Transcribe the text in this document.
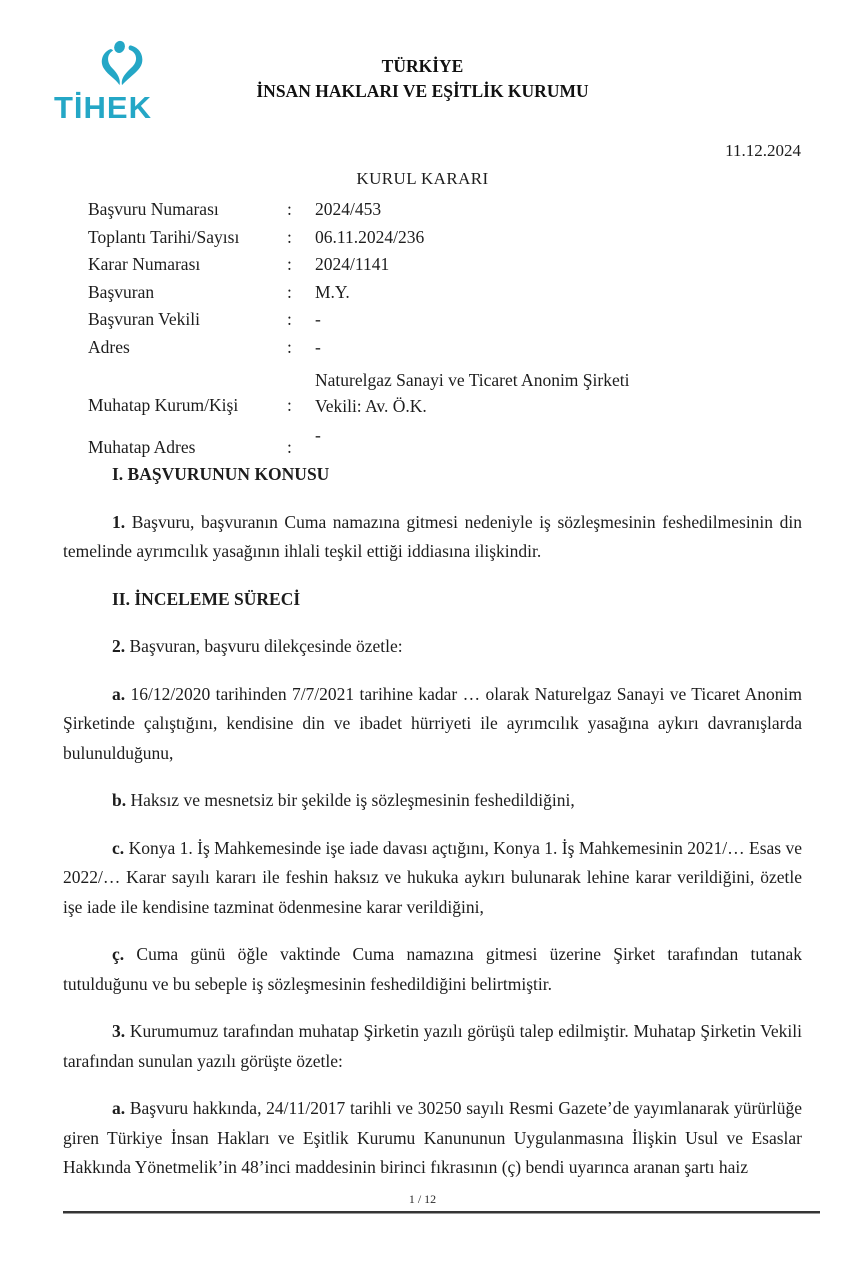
TİHEK
TÜRKİYE
İNSAN HAKLARI VE EŞİTLİK KURUMU
11.12.2024
KURUL KARARI
Başvuru Numarası	:	2024/453
Toplantı Tarihi/Sayısı	:	06.11.2024/236
Karar Numarası	:	2024/1141
Başvuran	:	M.Y.
Başvuran Vekili	:	-
Adres	:	-
Muhatap Kurum/Kişi	:
Naturelgaz Sanayi ve Ticaret Anonim Şirketi
Vekili: Av. Ö.K.
Muhatap Adres	:
-
I. BAŞVURUNUN KONUSU

1. Başvuru, başvuranın Cuma namazına gitmesi nedeniyle iş sözleşmesinin feshedilmesinin din temelinde ayrımcılık yasağının ihlali teşkil ettiği iddiasına ilişkindir.

II. İNCELEME SÜRECİ

2. Başvuran, başvuru dilekçesinde özetle:

a. 16/12/2020 tarihinden 7/7/2021 tarihine kadar … olarak Naturelgaz Sanayi ve Ticaret Anonim Şirketinde çalıştığını, kendisine din ve ibadet hürriyeti ile ayrımcılık yasağına aykırı davranışlarda bulunulduğunu,

b. Haksız ve mesnetsiz bir şekilde iş sözleşmesinin feshedildiğini,

c. Konya 1. İş Mahkemesinde işe iade davası açtığını, Konya 1. İş Mahkemesinin 2021/… Esas ve 2022/… Karar sayılı kararı ile feshin haksız ve hukuka aykırı bulunarak lehine karar verildiğini, özetle işe iade ile kendisine tazminat ödenmesine karar verildiğini,

ç. Cuma günü öğle vaktinde Cuma namazına gitmesi üzerine Şirket tarafından tutanak tutulduğunu ve bu sebeple iş sözleşmesinin feshedildiğini belirtmiştir.

3. Kurumumuz tarafından muhatap Şirketin yazılı görüşü talep edilmiştir. Muhatap Şirketin Vekili tarafından sunulan yazılı görüşte özetle:

a. Başvuru hakkında, 24/11/2017 tarihli ve 30250 sayılı Resmi Gazete’de yayımlanarak yürürlüğe giren Türkiye İnsan Hakları ve Eşitlik Kurumu Kanununun Uygulanmasına İlişkin Usul ve Esaslar Hakkında Yönetmelik’in 48’inci maddesinin birinci fıkrasının (ç) bendi uyarınca aranan şartı haiz

1 / 12
